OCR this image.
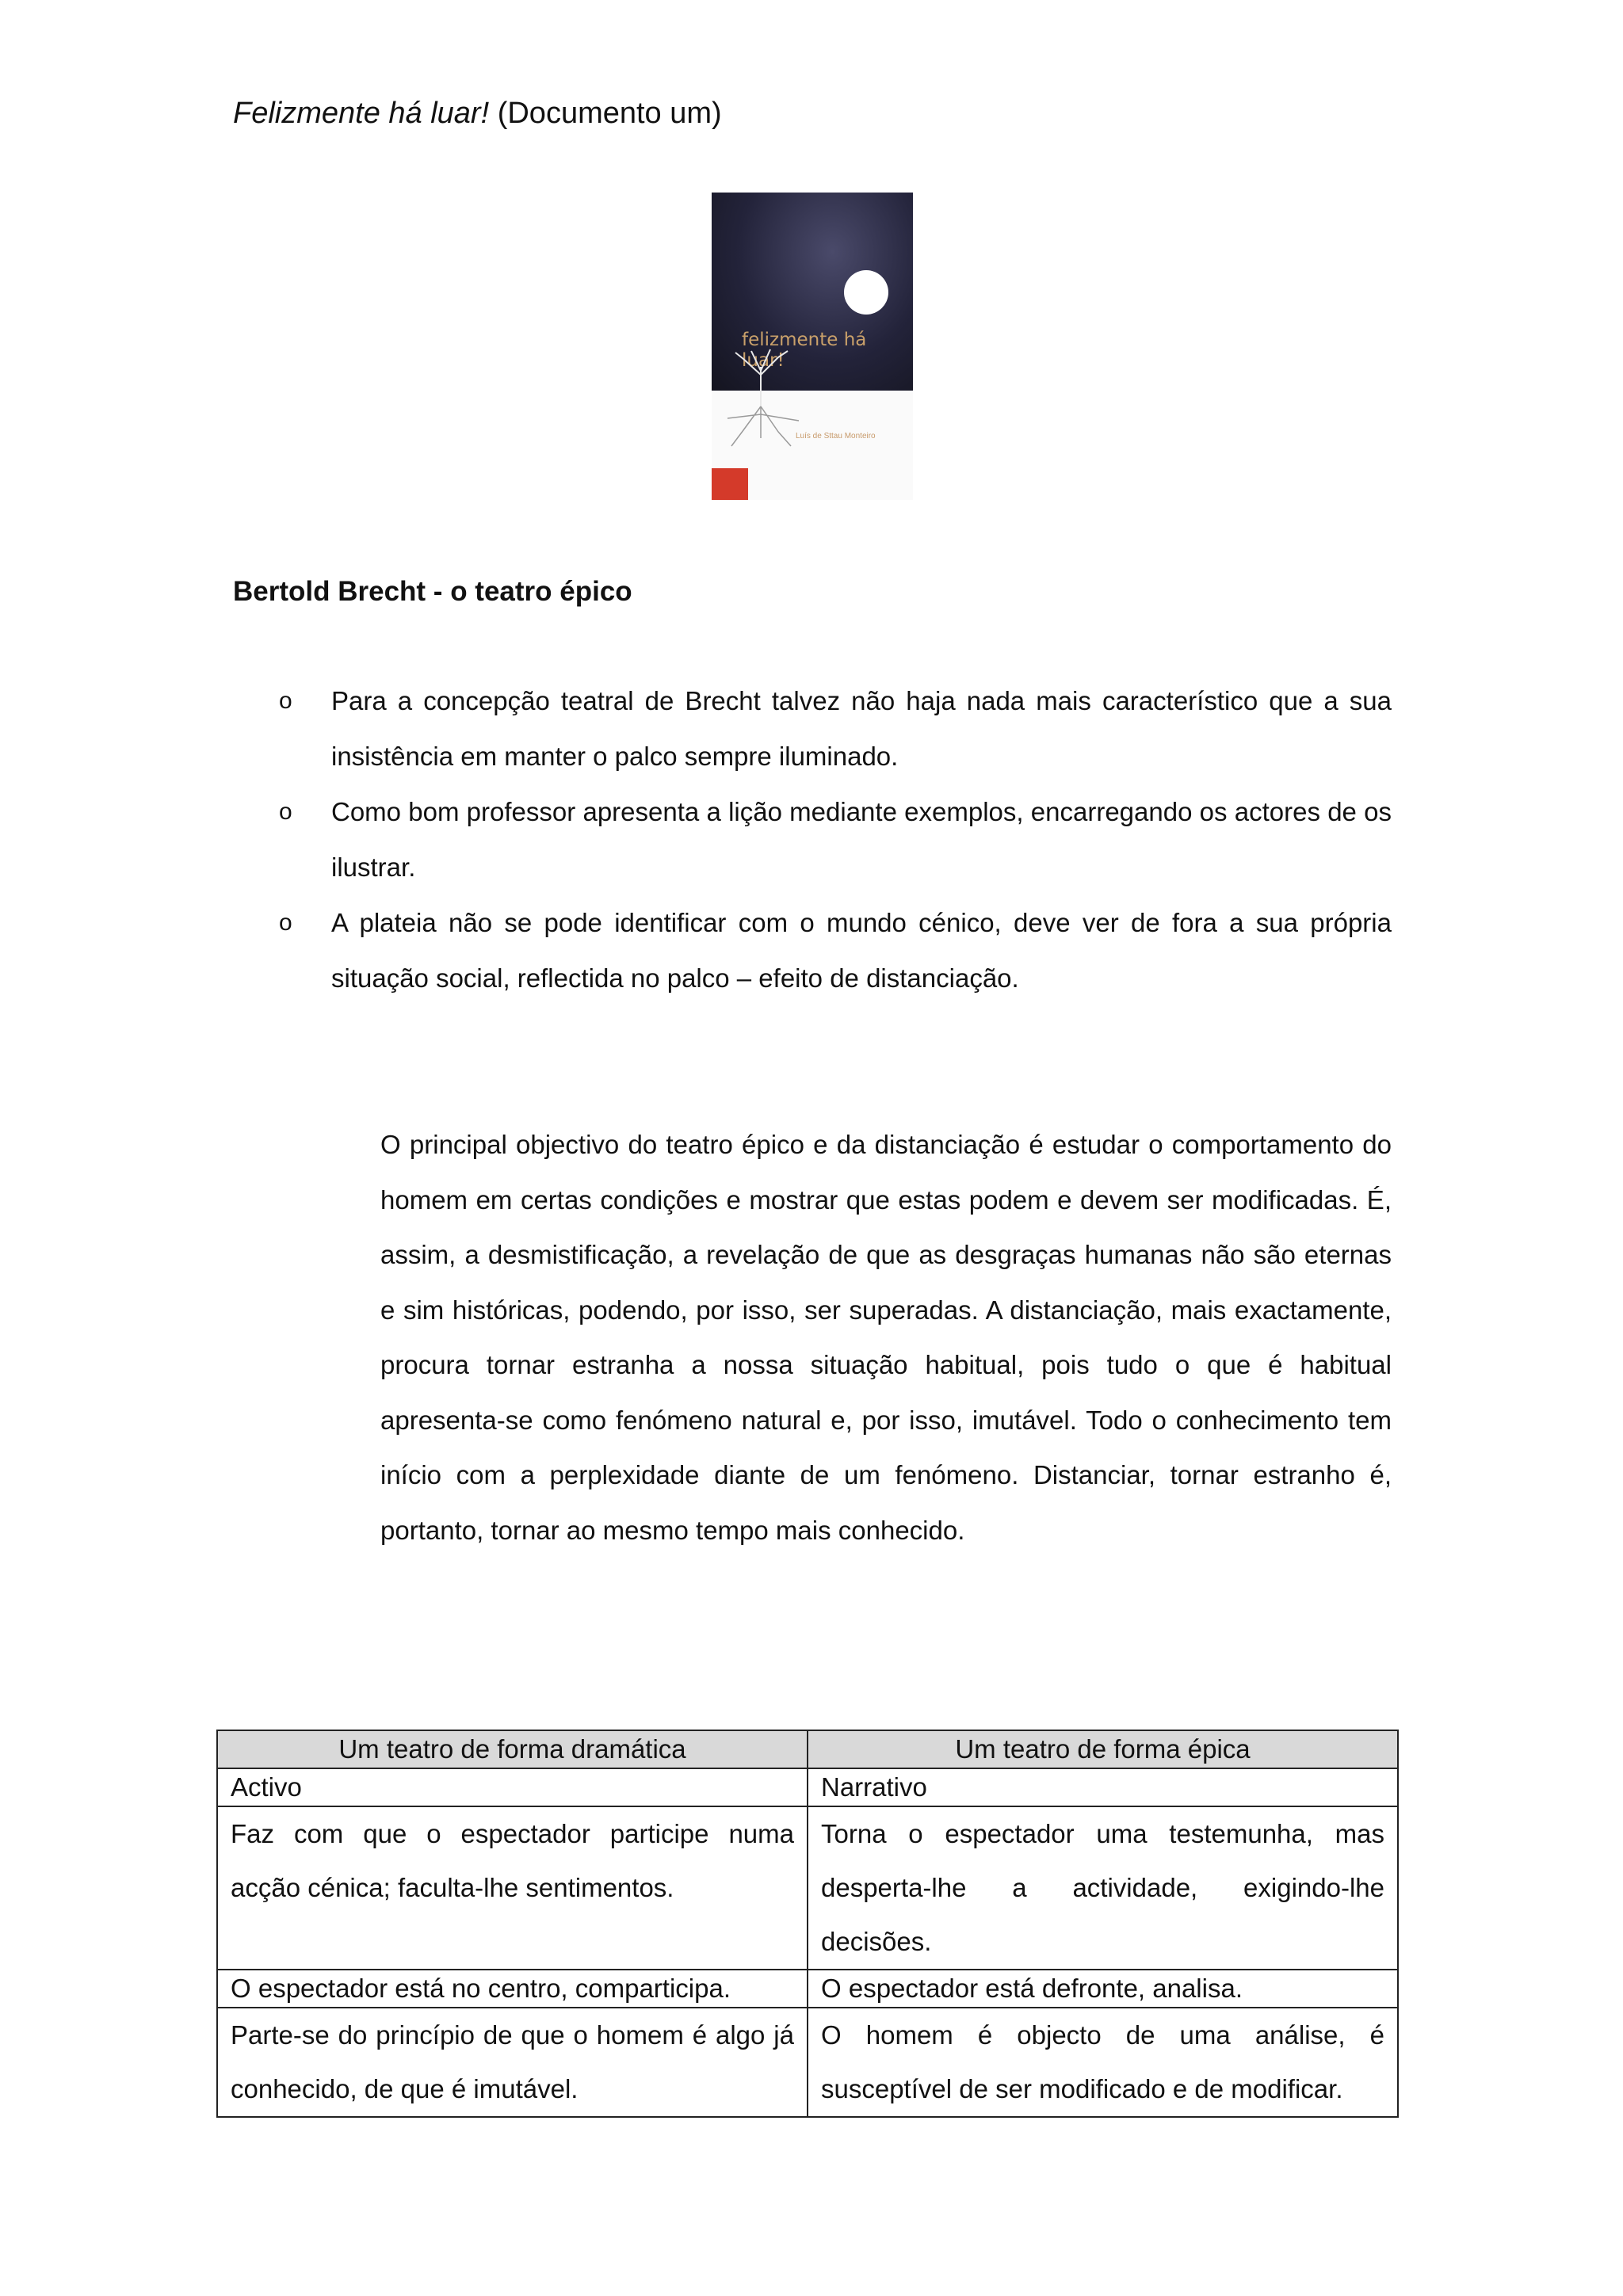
Felizmente há luar! (Documento um)
felizmente há luar!
Luís de Sttau Monteiro
Bertold Brecht - o teatro épico
o Para a concepção teatral de Brecht talvez não haja nada mais característico que a sua insistência em manter o palco sempre iluminado.
o Como bom professor apresenta a lição mediante exemplos, encarregando os actores de os ilustrar.
o A plateia não se pode identificar com o mundo cénico, deve ver de fora a sua própria situação social, reflectida no palco – efeito de distanciação.

O principal objectivo do teatro épico e da distanciação é estudar o comportamento do homem em certas condições e mostrar que estas podem e devem ser modificadas. É, assim, a desmistificação, a revelação de que as desgraças humanas não são eternas e sim históricas, podendo, por isso, ser superadas. A distanciação, mais exactamente, procura tornar estranha a nossa situação habitual, pois tudo o que é habitual apresenta-se como fenómeno natural e, por isso, imutável. Todo o conhecimento tem início com a perplexidade diante de um fenómeno. Distanciar, tornar estranho é, portanto, tornar ao mesmo tempo mais conhecido.

Um teatro de forma dramática	Um teatro de forma épica
Activo	Narrativo
Faz com que o espectador participe numa acção cénica; faculta-lhe sentimentos.	Torna o espectador uma testemunha, mas desperta-lhe a actividade, exigindo-lhe decisões.
O espectador está no centro, comparticipa.	O espectador está defronte, analisa.
Parte-se do princípio de que o homem é algo já conhecido, de que é imutável.	O homem é objecto de uma análise, é susceptível de ser modificado e de modificar.
